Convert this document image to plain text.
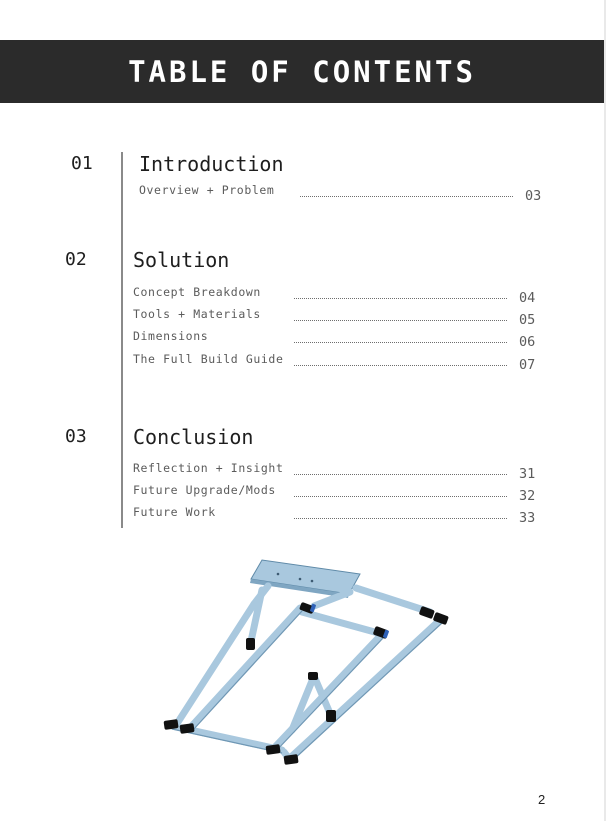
TABLE OF CONTENTS
01 Introduction
Overview + Problem	03
02 Solution
Concept Breakdown	04
Tools + Materials	05
Dimensions	06
The Full Build Guide	07
03 Conclusion
Reflection + Insight	31
Future Upgrade/Mods	32
Future Work	33
2
